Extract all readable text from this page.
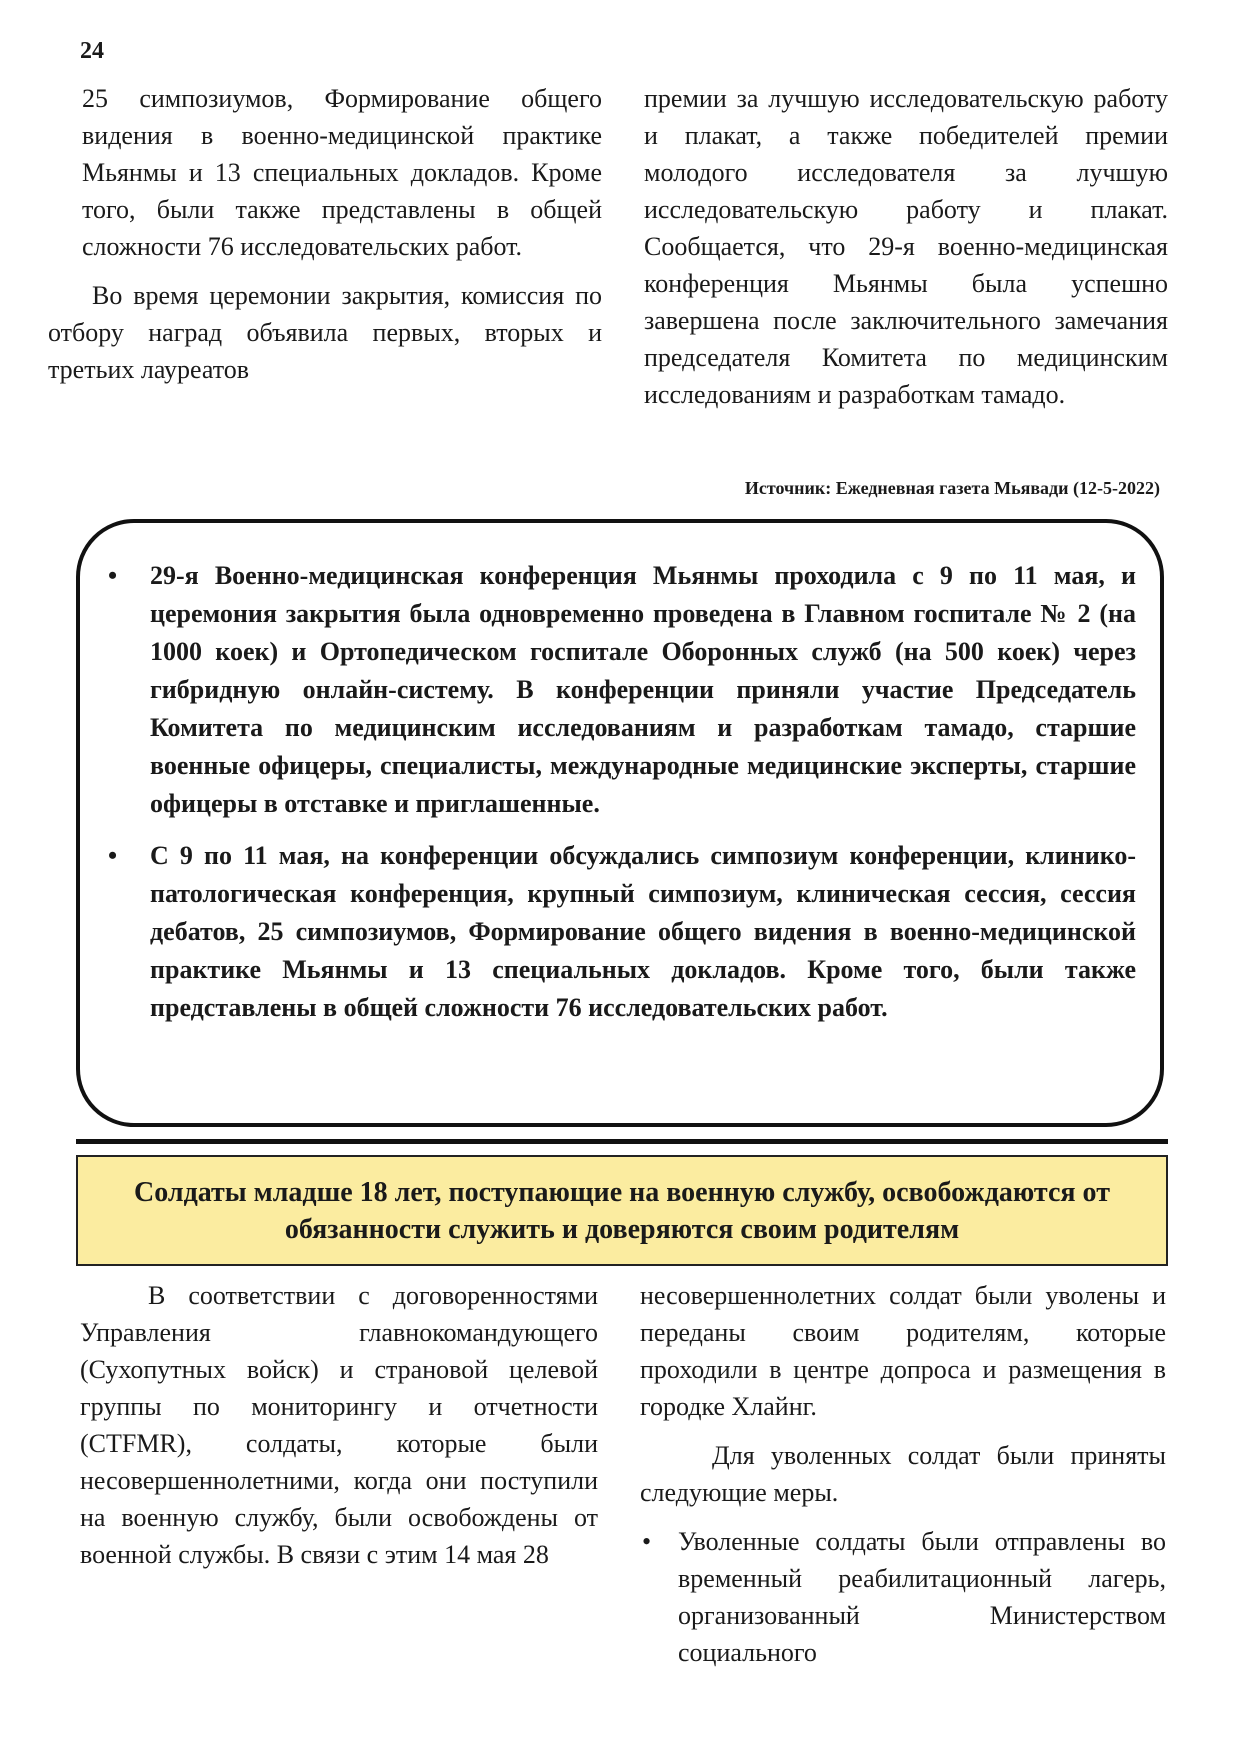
24

25 симпозиумов, Формирование общего видения в военно-медицинской практике Мьянмы и 13 специальных докладов. Кроме того, были также представлены в общей сложности 76 исследовательских работ.

Во время церемонии закрытия, комиссия по отбору наград объявила первых, вторых и третьих лауреатов

премии за лучшую исследовательскую работу и плакат, а также победителей премии молодого исследователя за лучшую исследовательскую работу и плакат. Сообщается, что 29-я военно-медицинская конференция Мьянмы была успешно завершена после заключительного замечания председателя Комитета по медицинским исследованиям и разработкам тамадо.

Источник: Ежедневная газета Мьявади (12-5-2022)
•	29-я Военно-медицинская конференция Мьянмы проходила с 9 по 11 мая, и церемония закрытия была одновременно проведена в Главном госпитале № 2 (на 1000 коек) и Ортопедическом госпитале Оборонных служб (на 500 коек) через гибридную онлайн-систему. В конференции приняли участие Председатель Комитета по медицинским исследованиям и разработкам тамадо, старшие военные офицеры, специалисты, международные медицинские эксперты, старшие офицеры в отставке и приглашенные.
•	С 9 по 11 мая, на конференции обсуждались симпозиум конференции, клинико-патологическая конференция, крупный симпозиум, клиническая сессия, сессия дебатов, 25 симпозиумов, Формирование общего видения в военно-медицинской практике Мьянмы и 13 специальных докладов. Кроме того, были также представлены в общей сложности 76 исследовательских работ.
Солдаты младше 18 лет, поступающие на военную службу, освобождаются от обязанности служить и доверяются своим родителям

В соответствии с договоренностями Управления главнокомандующего (Сухопутных войск) и страновой целевой группы по мониторингу и отчетности (CTFMR), солдаты, которые были несовершеннолетними, когда они поступили на военную службу, были освобождены от военной службы. В связи с этим 14 мая 28

несовершеннолетних солдат были уволены и переданы своим родителям, которые проходили в центре допроса и размещения в городке Хлайнг.

Для уволенных солдат были приняты следующие меры.

• Уволенные солдаты были отправлены во временный реабилитационный лагерь, организованный Министерством социального
